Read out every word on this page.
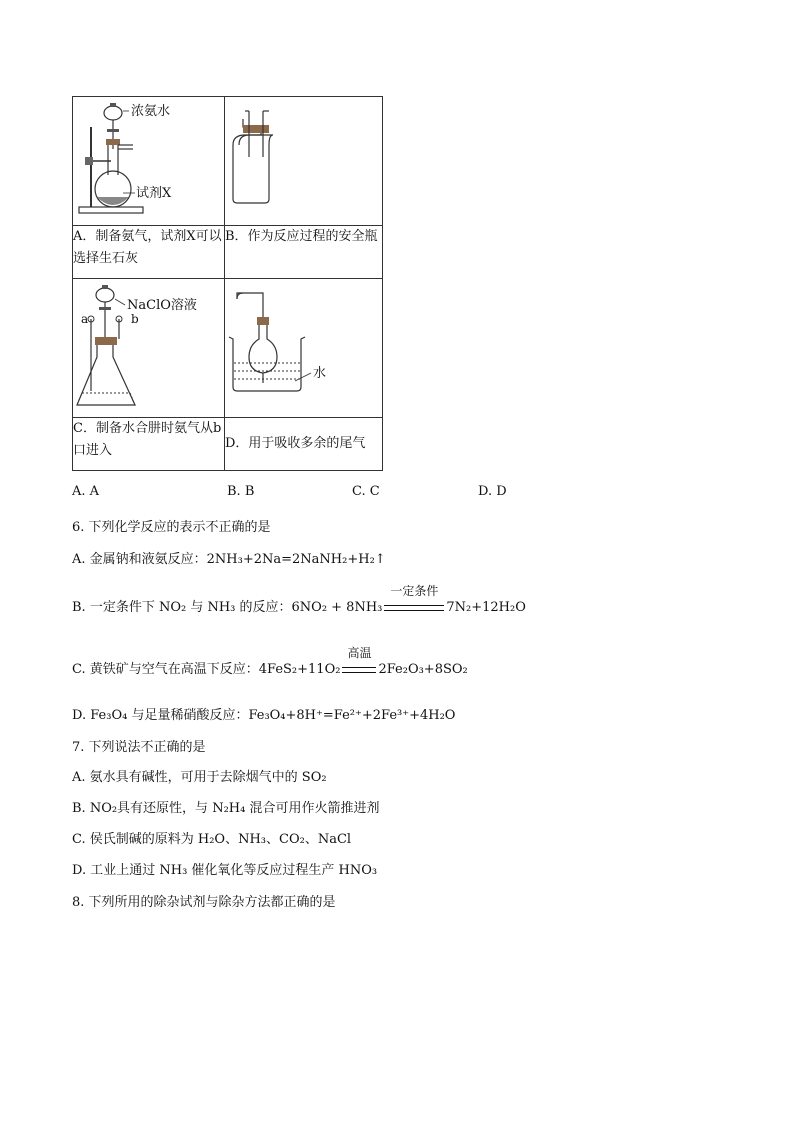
浓氨水
试剂X

A．制备氨气，试剂X可以选择生石灰	B．作为反应过程的安全瓶

NaClO溶液
a b	水

C．制备水合肼时氨气从b口进入	D．用于吸收多余的尾气
A. A	B. B	C. C	D. D
6. 下列化学反应的表示不正确的是
A. 金属钠和液氨反应：2NH₃+2Na=2NaNH₂+H₂↑
B. 一定条件下 NO₂ 与 NH₃ 的反应：6NO₂ + 8NH₃
一定条件
7N₂+12H₂O
C. 黄铁矿与空气在高温下反应：4FeS₂+11O₂
高温
2Fe₂O₃+8SO₂
D. Fe₃O₄ 与足量稀硝酸反应：Fe₃O₄+8H⁺=Fe²⁺+2Fe³⁺+4H₂O
7. 下列说法不正确的是
A. 氨水具有碱性，可用于去除烟气中的 SO₂
B. NO₂具有还原性，与 N₂H₄ 混合可用作火箭推进剂
C. 侯氏制碱的原料为 H₂O、NH₃、CO₂、NaCl
D. 工业上通过 NH₃ 催化氧化等反应过程生产 HNO₃
8. 下列所用的除杂试剂与除杂方法都正确的是
